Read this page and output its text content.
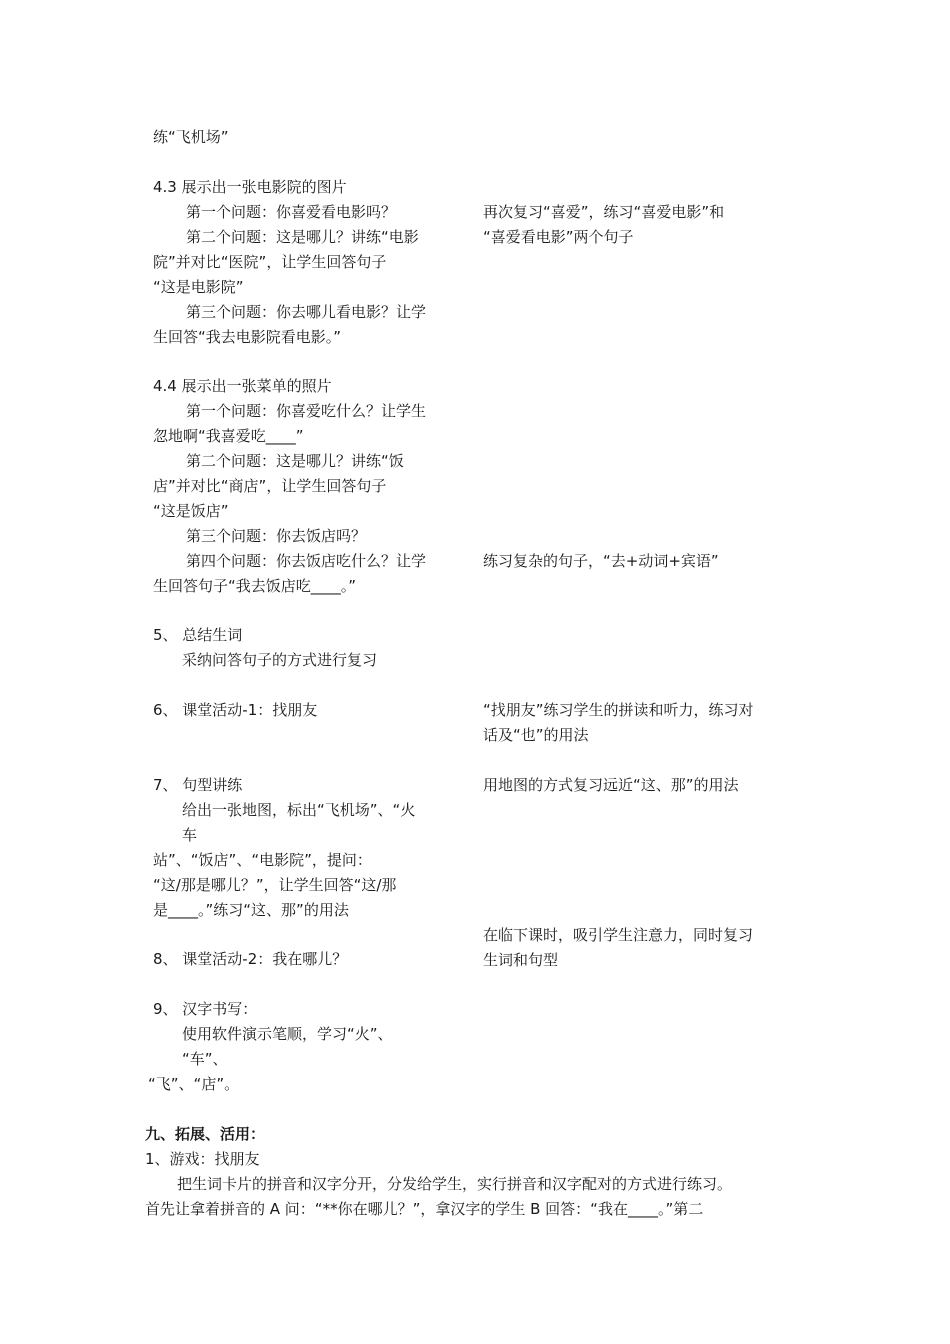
练“飞机场”
4.3 展示出一张电影院的图片
第一个问题：你喜爱看电影吗？
第二个问题：这是哪儿？讲练“电影
院”并对比“医院”，让学生回答句子
“这是电影院”
第三个问题：你去哪儿看电影？让学
生回答“我去电影院看电影。”
4.4 展示出一张菜单的照片
第一个问题：你喜爱吃什么？让学生
忽地啊“我喜爱吃____”
第二个问题：这是哪儿？讲练“饭
店”并对比“商店”，让学生回答句子
“这是饭店”
第三个问题：你去饭店吗？
第四个问题：你去饭店吃什么？让学
生回答句子“我去饭店吃____。”
5、 总结生词
采纳问答句子的方式进行复习
6、 课堂活动-1：找朋友
7、 句型讲练
给出一张地图，标出“飞机场”、“火
车
站”、“饭店”、“电影院”，提问：
“这/那是哪儿？”，让学生回答“这/那
是____。”练习“这、那”的用法
8、 课堂活动-2：我在哪儿？
9、 汉字书写：
使用软件演示笔顺，学习“火”、
“车”、
“飞”、“店”。
再次复习“喜爱”，练习“喜爱电影”和
“喜爱看电影”两个句子
练习复杂的句子，“去+动词+宾语”
“找朋友”练习学生的拼读和听力，练习对
话及“也”的用法
用地图的方式复习远近“这、那”的用法
在临下课时，吸引学生注意力，同时复习
生词和句型
九、拓展、活用：
1、游戏：找朋友
把生词卡片的拼音和汉字分开，分发给学生，实行拼音和汉字配对的方式进行练习。
首先让拿着拼音的 A 问：“**你在哪儿？”，拿汉字的学生 B 回答：“我在____。”第二
